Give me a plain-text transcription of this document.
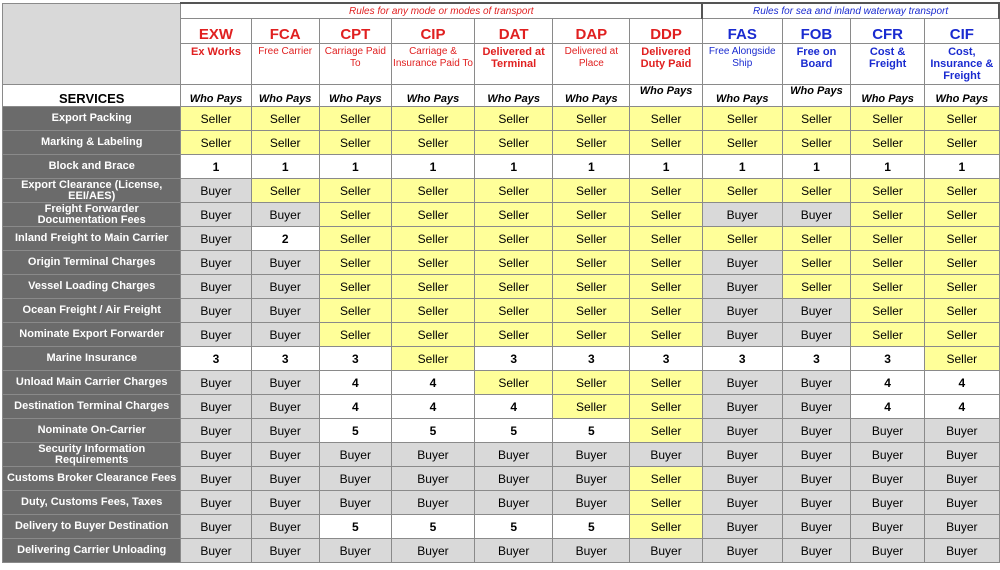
	Rules for any mode or modes of transport							Rules for sea and inland waterway transport			
	EXW	FCA	CPT	CIP	DAT	DAP	DDP	FAS	FOB	CFR	CIF
	Ex Works	Free Carrier	Carriage Paid To	Carriage & Insurance Paid To	Delivered at Terminal	Delivered at Place	Delivered Duty Paid	Free Alongside Ship	Free on Board	Cost & Freight	Cost, Insurance & Freight
SERVICES	Who Pays	Who Pays	Who Pays	Who Pays	Who Pays	Who Pays	Who Pays	Who Pays	Who Pays	Who Pays	Who Pays
Export Packing	Seller	Seller	Seller	Seller	Seller	Seller	Seller	Seller	Seller	Seller	Seller
Marking & Labeling	Seller	Seller	Seller	Seller	Seller	Seller	Seller	Seller	Seller	Seller	Seller
Block and Brace	1	1	1	1	1	1	1	1	1	1	1
Export Clearance (License, EEI/AES)	Buyer	Seller	Seller	Seller	Seller	Seller	Seller	Seller	Seller	Seller	Seller
Freight Forwarder Documentation Fees	Buyer	Buyer	Seller	Seller	Seller	Seller	Seller	Buyer	Buyer	Seller	Seller
Inland Freight to Main Carrier	Buyer	2	Seller	Seller	Seller	Seller	Seller	Seller	Seller	Seller	Seller
Origin Terminal Charges	Buyer	Buyer	Seller	Seller	Seller	Seller	Seller	Buyer	Seller	Seller	Seller
Vessel Loading Charges	Buyer	Buyer	Seller	Seller	Seller	Seller	Seller	Buyer	Seller	Seller	Seller
Ocean Freight / Air Freight	Buyer	Buyer	Seller	Seller	Seller	Seller	Seller	Buyer	Buyer	Seller	Seller
Nominate Export Forwarder	Buyer	Buyer	Seller	Seller	Seller	Seller	Seller	Buyer	Buyer	Seller	Seller
Marine Insurance	3	3	3	Seller	3	3	3	3	3	3	Seller
Unload Main Carrier Charges	Buyer	Buyer	4	4	Seller	Seller	Seller	Buyer	Buyer	4	4
Destination Terminal Charges	Buyer	Buyer	4	4	4	Seller	Seller	Buyer	Buyer	4	4
Nominate On-Carrier	Buyer	Buyer	5	5	5	5	Seller	Buyer	Buyer	Buyer	Buyer
Security Information Requirements	Buyer	Buyer	Buyer	Buyer	Buyer	Buyer	Buyer	Buyer	Buyer	Buyer	Buyer
Customs Broker Clearance Fees	Buyer	Buyer	Buyer	Buyer	Buyer	Buyer	Seller	Buyer	Buyer	Buyer	Buyer
Duty, Customs Fees, Taxes	Buyer	Buyer	Buyer	Buyer	Buyer	Buyer	Seller	Buyer	Buyer	Buyer	Buyer
Delivery to Buyer Destination	Buyer	Buyer	5	5	5	5	Seller	Buyer	Buyer	Buyer	Buyer
Delivering Carrier Unloading	Buyer	Buyer	Buyer	Buyer	Buyer	Buyer	Buyer	Buyer	Buyer	Buyer	Buyer
